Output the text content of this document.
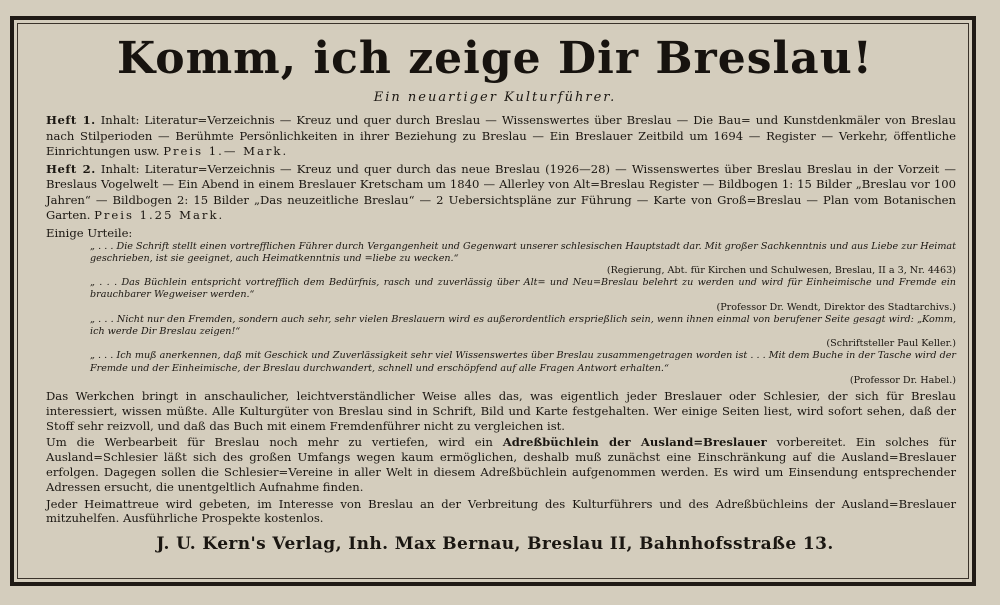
Komm, ich zeige Dir Breslau!
Ein neuartiger Kulturführer.

Heft 1. Inhalt: Literatur=Verzeichnis — Kreuz und quer durch Breslau — Wissenswertes über Breslau — Die Bau= und Kunstdenkmäler von Breslau nach Stilperioden — Berühmte Persönlichkeiten in ihrer Beziehung zu Breslau — Ein Breslauer Zeitbild um 1694 — Register — Verkehr, öffentliche Einrichtungen usw. Preis 1.— Mark.

Heft 2. Inhalt: Literatur=Verzeichnis — Kreuz und quer durch das neue Breslau (1926—28) — Wissenswertes über Breslau Breslau in der Vorzeit — Breslaus Vogelwelt — Ein Abend in einem Breslauer Kretscham um 1840 — Allerley von Alt=Breslau Register — Bildbogen 1: 15 Bilder „Breslau vor 100 Jahren“ — Bildbogen 2: 15 Bilder „Das neuzeitliche Breslau“ — 2 Uebersichtspläne zur Führung — Karte von Groß=Breslau — Plan vom Botanischen Garten. Preis 1.25 Mark.

Einige Urteile:

„ . . . Die Schrift stellt einen vortrefflichen Führer durch Vergangenheit und Gegenwart unserer schlesischen Hauptstadt dar. Mit großer Sachkenntnis und aus Liebe zur Heimat geschrieben, ist sie geeignet, auch Heimatkenntnis und =liebe zu wecken.“
(Regierung, Abt. für Kirchen und Schulwesen, Breslau, II a 3, Nr. 4463)

„ . . . Das Büchlein entspricht vortrefflich dem Bedürfnis, rasch und zuverlässig über Alt= und Neu=Breslau belehrt zu werden und wird für Einheimische und Fremde ein brauchbarer Wegweiser werden.“
(Professor Dr. Wendt, Direktor des Stadtarchivs.)

„ . . . Nicht nur den Fremden, sondern auch sehr, sehr vielen Breslauern wird es außerordentlich ersprießlich sein, wenn ihnen einmal von berufener Seite gesagt wird: „Komm, ich werde Dir Breslau zeigen!“
(Schriftsteller Paul Keller.)

„ . . . Ich muß anerkennen, daß mit Geschick und Zuverlässigkeit sehr viel Wissenswertes über Breslau zusammengetragen worden ist . . . Mit dem Buche in der Tasche wird der Fremde und der Einheimische, der Breslau durchwandert, schnell und erschöpfend auf alle Fragen Antwort erhalten.“
(Professor Dr. Habel.)

Das Werkchen bringt in anschaulicher, leichtverständlicher Weise alles das, was eigentlich jeder Breslauer oder Schlesier, der sich für Breslau interessiert, wissen müßte. Alle Kulturgüter von Breslau sind in Schrift, Bild und Karte festgehalten. Wer einige Seiten liest, wird sofort sehen, daß der Stoff sehr reizvoll, und daß das Buch mit einem Fremdenführer nicht zu vergleichen ist.

Um die Werbearbeit für Breslau noch mehr zu vertiefen, wird ein Adreßbüchlein der Ausland=Breslauer vorbereitet. Ein solches für Ausland=Schlesier läßt sich des großen Umfangs wegen kaum ermöglichen, deshalb muß zunächst eine Einschränkung auf die Ausland=Breslauer erfolgen. Dagegen sollen die Schlesier=Vereine in aller Welt in diesem Adreßbüchlein aufgenommen werden. Es wird um Einsendung entsprechender Adressen ersucht, die unentgeltlich Aufnahme finden.

Jeder Heimattreue wird gebeten, im Interesse von Breslau an der Verbreitung des Kulturführers und des Adreßbüchleins der Ausland=Breslauer mitzuhelfen. Ausführliche Prospekte kostenlos.

J. U. Kern's Verlag, Inh. Max Bernau, Breslau II, Bahnhofsstraße 13.
